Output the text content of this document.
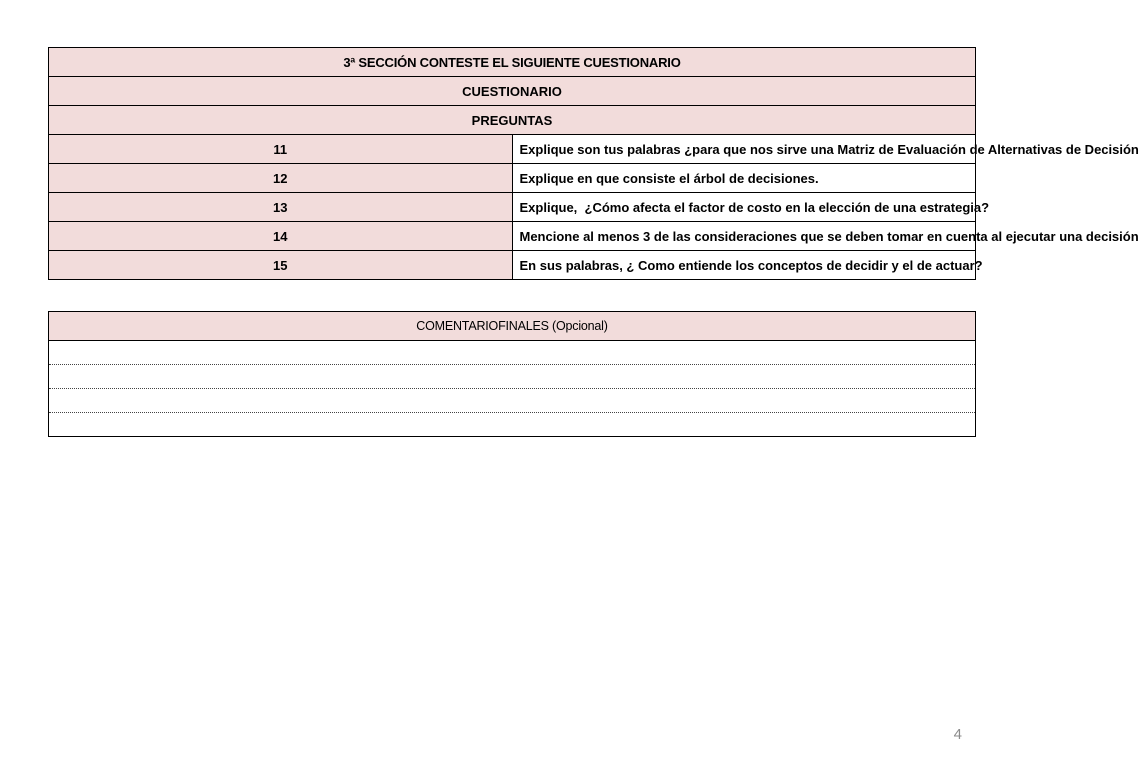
3ª SECCIÓN CONTESTE EL SIGUIENTE CUESTIONARIO	
CUESTIONARIO	
PREGUNTAS	
11	Explique son tus palabras ¿para que nos sirve una Matriz de Evaluación de Alternativas de Decisión
12	Explique en que consiste el árbol de decisiones.
13	Explique,  ¿Cómo afecta el factor de costo en la elección de una estrategia?
14	Mencione al menos 3 de las consideraciones que se deben tomar en cuenta al ejecutar una decisión
15	En sus palabras, ¿ Como entiende los conceptos de decidir y el de actuar?
COMENTARIOFINALES (Opcional)

4
